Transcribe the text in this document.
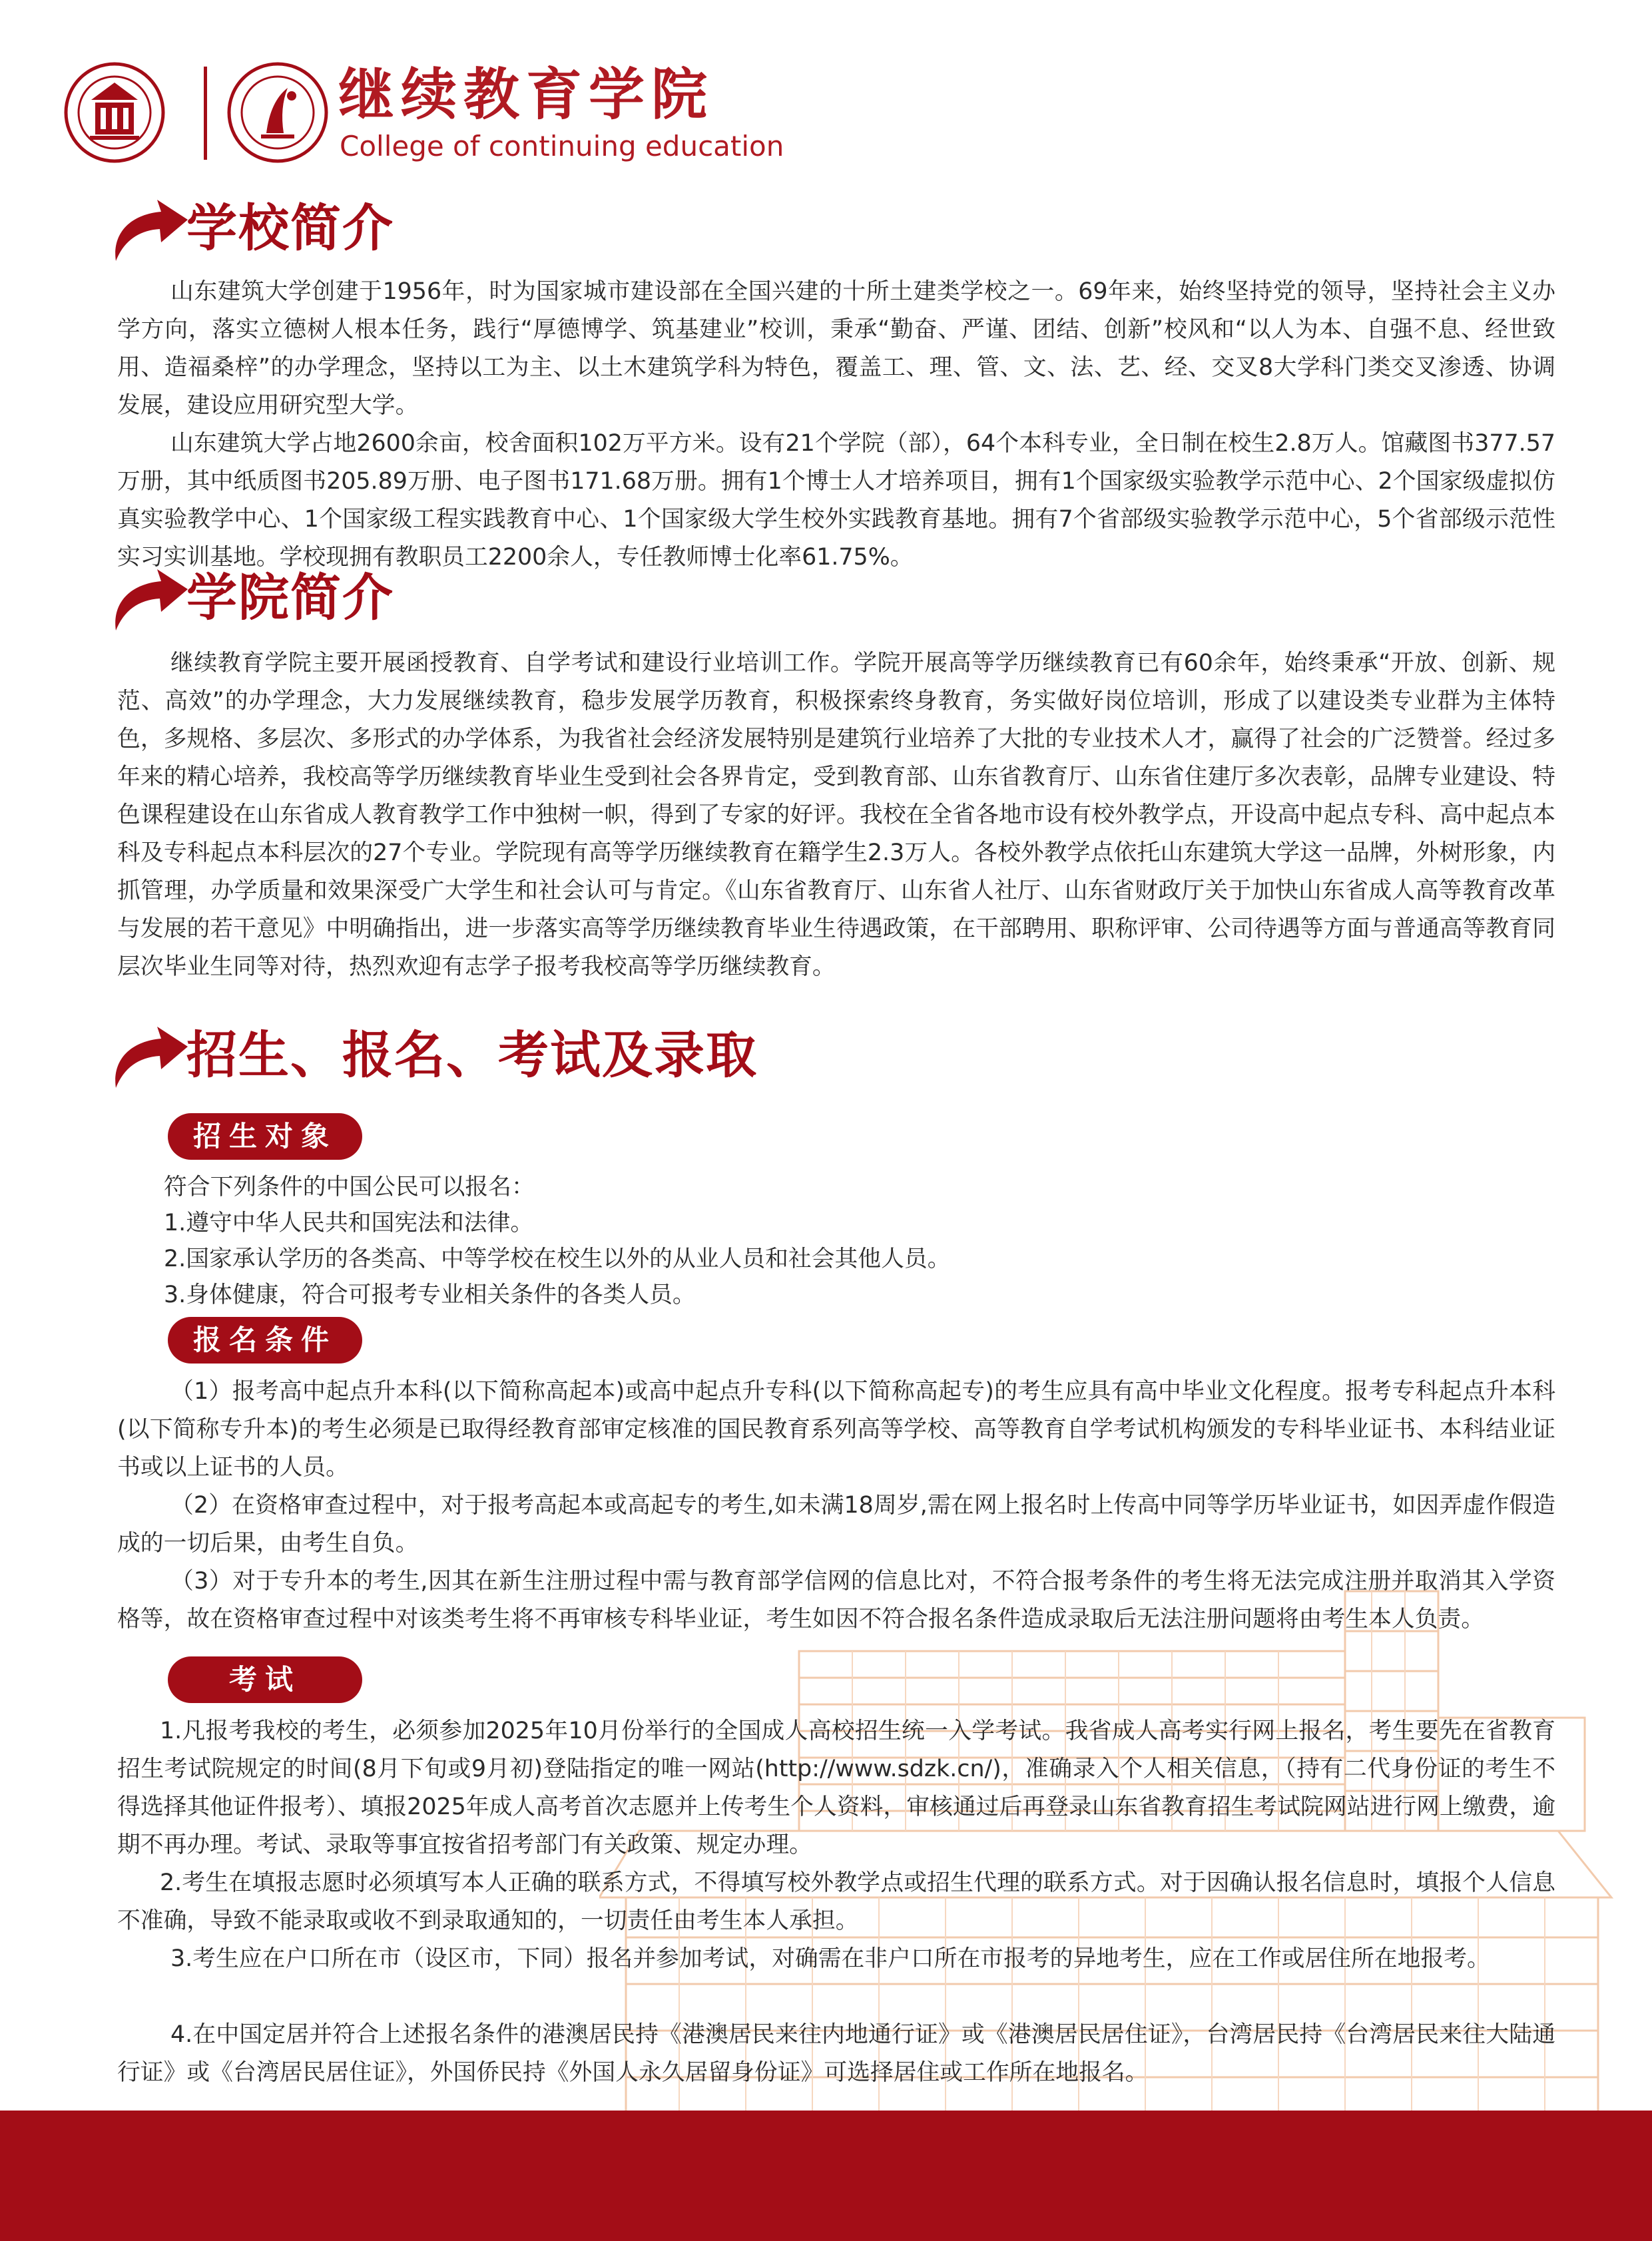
继续教育学院
College of continuing education
学校简介

山东建筑大学创建于1956年，时为国家城市建设部在全国兴建的十所土建类学校之一。69年来，始终坚持党的领导，坚持社会主义办学方向，落实立德树人根本任务，践行“厚德博学、筑基建业”校训，秉承“勤奋、严谨、团结、创新”校风和“以人为本、自强不息、经世致用、造福桑梓”的办学理念，坚持以工为主、以土木建筑学科为特色，覆盖工、理、管、文、法、艺、经、交叉8大学科门类交叉渗透、协调发展，建设应用研究型大学。

山东建筑大学占地2600余亩，校舍面积102万平方米。设有21个学院（部），64个本科专业，全日制在校生2.8万人。馆藏图书377.57万册，其中纸质图书205.89万册、电子图书171.68万册。拥有1个博士人才培养项目，拥有1个国家级实验教学示范中心、2个国家级虚拟仿真实验教学中心、1个国家级工程实践教育中心、1个国家级大学生校外实践教育基地。拥有7个省部级实验教学示范中心，5个省部级示范性实习实训基地。学校现拥有教职员工2200余人，专任教师博士化率61.75%。

学院简介

继续教育学院主要开展函授教育、自学考试和建设行业培训工作。学院开展高等学历继续教育已有60余年，始终秉承“开放、创新、规范、高效”的办学理念，大力发展继续教育，稳步发展学历教育，积极探索终身教育，务实做好岗位培训，形成了以建设类专业群为主体特色，多规格、多层次、多形式的办学体系，为我省社会经济发展特别是建筑行业培养了大批的专业技术人才，赢得了社会的广泛赞誉。经过多年来的精心培养，我校高等学历继续教育毕业生受到社会各界肯定，受到教育部、山东省教育厅、山东省住建厅多次表彰，品牌专业建设、特色课程建设在山东省成人教育教学工作中独树一帜，得到了专家的好评。我校在全省各地市设有校外教学点，开设高中起点专科、高中起点本科及专科起点本科层次的27个专业。学院现有高等学历继续教育在籍学生2.3万人。各校外教学点依托山东建筑大学这一品牌，外树形象，内抓管理，办学质量和效果深受广大学生和社会认可与肯定。《山东省教育厅、山东省人社厅、山东省财政厅关于加快山东省成人高等教育改革与发展的若干意见》中明确指出，进一步落实高等学历继续教育毕业生待遇政策，在干部聘用、职称评审、公司待遇等方面与普通高等教育同层次毕业生同等对待，热烈欢迎有志学子报考我校高等学历继续教育。

招生、报名、考试及录取
招生对象
符合下列条件的中国公民可以报名：
1.遵守中华人民共和国宪法和法律。
2.国家承认学历的各类高、中等学校在校生以外的从业人员和社会其他人员。
3.身体健康，符合可报考专业相关条件的各类人员。
报名条件

（1）报考高中起点升本科(以下简称高起本)或高中起点升专科(以下简称高起专)的考生应具有高中毕业文化程度。报考专科起点升本科(以下简称专升本)的考生必须是已取得经教育部审定核准的国民教育系列高等学校、高等教育自学考试机构颁发的专科毕业证书、本科结业证书或以上证书的人员。

（2）在资格审查过程中，对于报考高起本或高起专的考生,如未满18周岁,需在网上报名时上传高中同等学历毕业证书，如因弄虚作假造成的一切后果，由考生自负。

（3）对于专升本的考生,因其在新生注册过程中需与教育部学信网的信息比对，不符合报考条件的考生将无法完成注册并取消其入学资格等，故在资格审查过程中对该类考生将不再审核专科毕业证，考生如因不符合报名条件造成录取后无法注册问题将由考生本人负责。

考试

1.凡报考我校的考生，必须参加2025年10月份举行的全国成人高校招生统一入学考试。我省成人高考实行网上报名，考生要先在省教育招生考试院规定的时间(8月下旬或9月初)登陆指定的唯一网站(http://www.sdzk.cn/)，准确录入个人相关信息，（持有二代身份证的考生不得选择其他证件报考）、填报2025年成人高考首次志愿并上传考生个人资料，审核通过后再登录山东省教育招生考试院网站进行网上缴费，逾期不再办理。考试、录取等事宜按省招考部门有关政策、规定办理。

2.考生在填报志愿时必须填写本人正确的联系方式，不得填写校外教学点或招生代理的联系方式。对于因确认报名信息时，填报个人信息不准确，导致不能录取或收不到录取通知的，一切责任由考生本人承担。

3.考生应在户口所在市（设区市，下同）报名并参加考试，对确需在非户口所在市报考的异地考生，应在工作或居住所在地报考。

4.在中国定居并符合上述报名条件的港澳居民持《港澳居民来往内地通行证》或《港澳居民居住证》，台湾居民持《台湾居民来往大陆通行证》或《台湾居民居住证》，外国侨民持《外国人永久居留身份证》可选择居住或工作所在地报名。
